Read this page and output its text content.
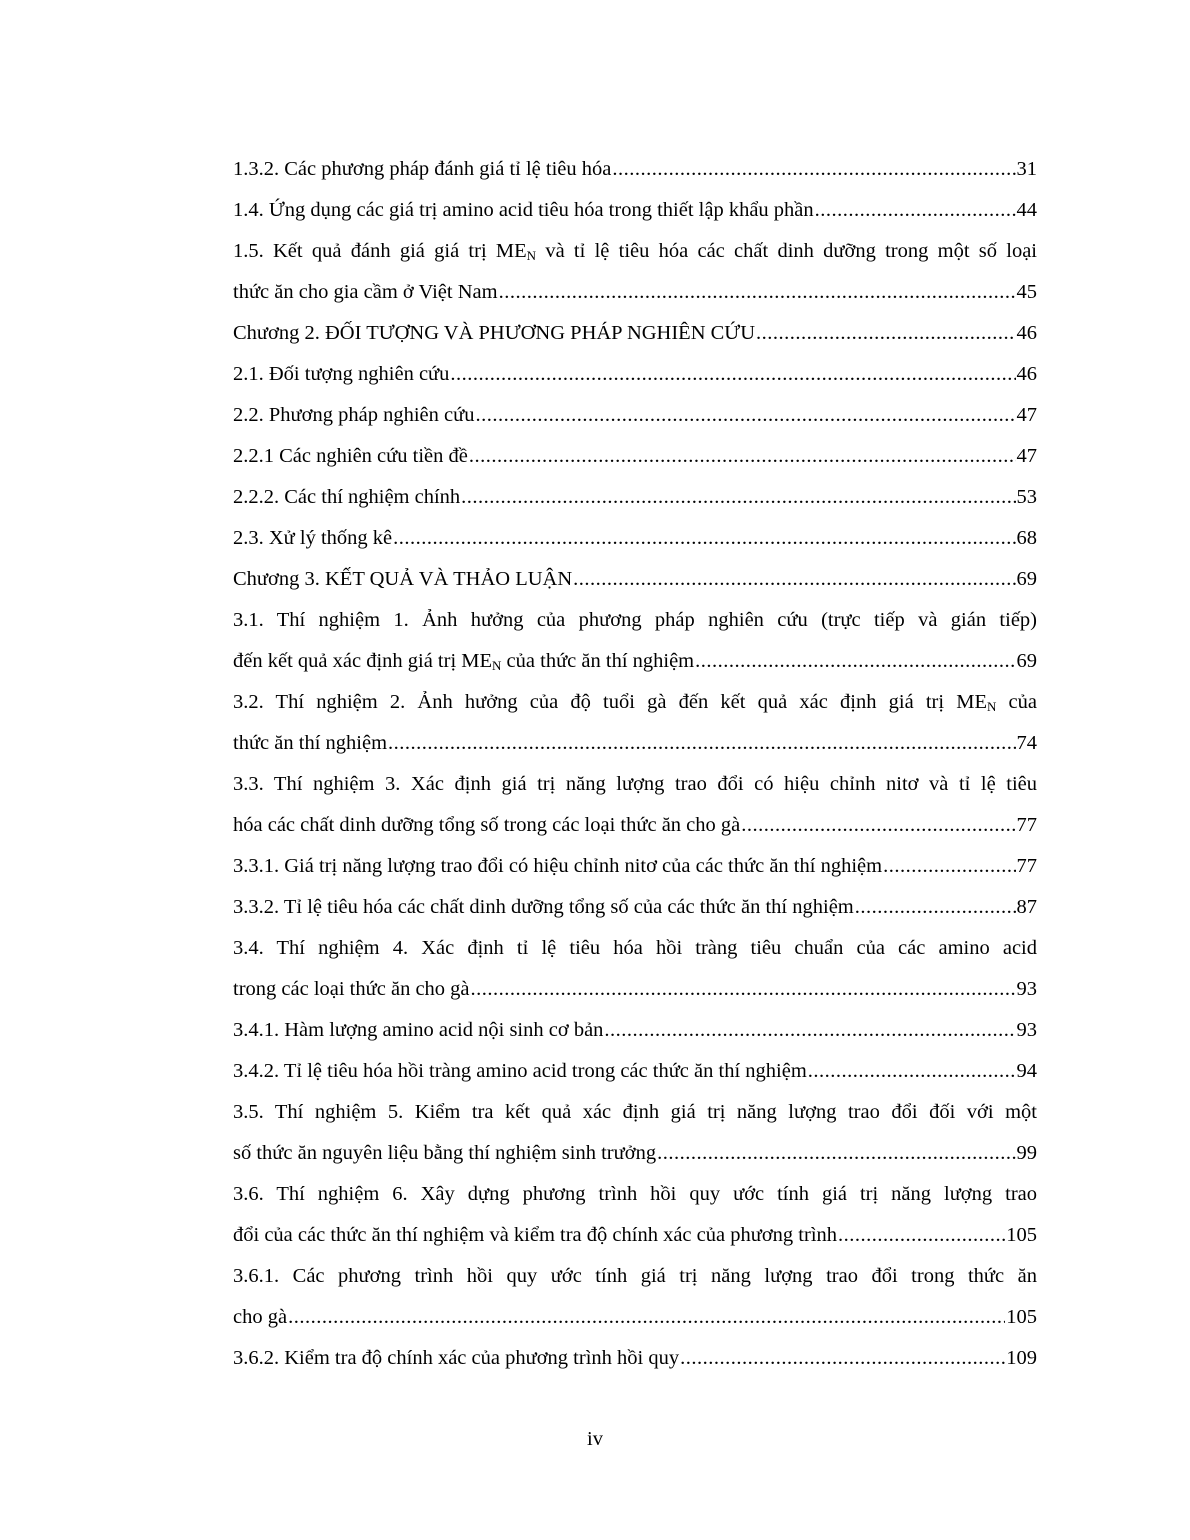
1.3.2. Các phương pháp đánh giá tỉ lệ tiêu hóa .....	31
1.4. Ứng dụng các giá trị amino acid tiêu hóa trong thiết lập khẩu phần .....	44
1.5. Kết quả đánh giá giá trị $ME_N$ và tỉ lệ tiêu hóa các chất dinh dưỡng trong một số loại
thức ăn cho gia cầm ở Việt Nam .....	45
Chương 2. ĐỐI TƯỢNG VÀ PHƯƠNG PHÁP NGHIÊN CỨU .....	46
2.1. Đối tượng nghiên cứu .....	46
2.2. Phương pháp nghiên cứu .....	47
2.2.1 Các nghiên cứu tiền đề .....	47
2.2.2. Các thí nghiệm chính .....	53
2.3. Xử lý thống kê .....	68
Chương 3. KẾT QUẢ VÀ THẢO LUẬN .....	69
3.1. Thí nghiệm 1. Ảnh hưởng của phương pháp nghiên cứu (trực tiếp và gián tiếp)
đến kết quả xác định giá trị $ME_N$ của thức ăn thí nghiệm .....	69
3.2. Thí nghiệm 2. Ảnh hưởng của độ tuổi gà đến kết quả xác định giá trị $ME_N$ của
thức ăn thí nghiệm .....	74
3.3. Thí nghiệm 3. Xác định giá trị năng lượng trao đổi có hiệu chỉnh nitơ và tỉ lệ tiêu
hóa các chất dinh dưỡng tổng số trong các loại thức ăn cho gà .....	77
3.3.1. Giá trị năng lượng trao đổi có hiệu chỉnh nitơ của các thức ăn thí nghiệm .....	77
3.3.2. Tỉ lệ tiêu hóa các chất dinh dưỡng tổng số của các thức ăn thí nghiệm .....	87
3.4. Thí nghiệm 4. Xác định tỉ lệ tiêu hóa hồi tràng tiêu chuẩn của các amino acid
trong các loại thức ăn cho gà .....	93
3.4.1. Hàm lượng amino acid nội sinh cơ bản .....	93
3.4.2. Tỉ lệ tiêu hóa hồi tràng amino acid trong các thức ăn thí nghiệm .....	94
3.5. Thí nghiệm 5. Kiểm tra kết quả xác định giá trị năng lượng trao đổi đối với một
số thức ăn nguyên liệu bằng thí nghiệm sinh trưởng .....	99
3.6. Thí nghiệm 6. Xây dựng phương trình hồi quy ước tính giá trị năng lượng trao
đổi của các thức ăn thí nghiệm và kiểm tra độ chính xác của phương trình .....	105
3.6.1. Các phương trình hồi quy ước tính giá trị năng lượng trao đổi trong thức ăn
cho gà .....	105
3.6.2. Kiểm tra độ chính xác của phương trình hồi quy .....	109
iv
